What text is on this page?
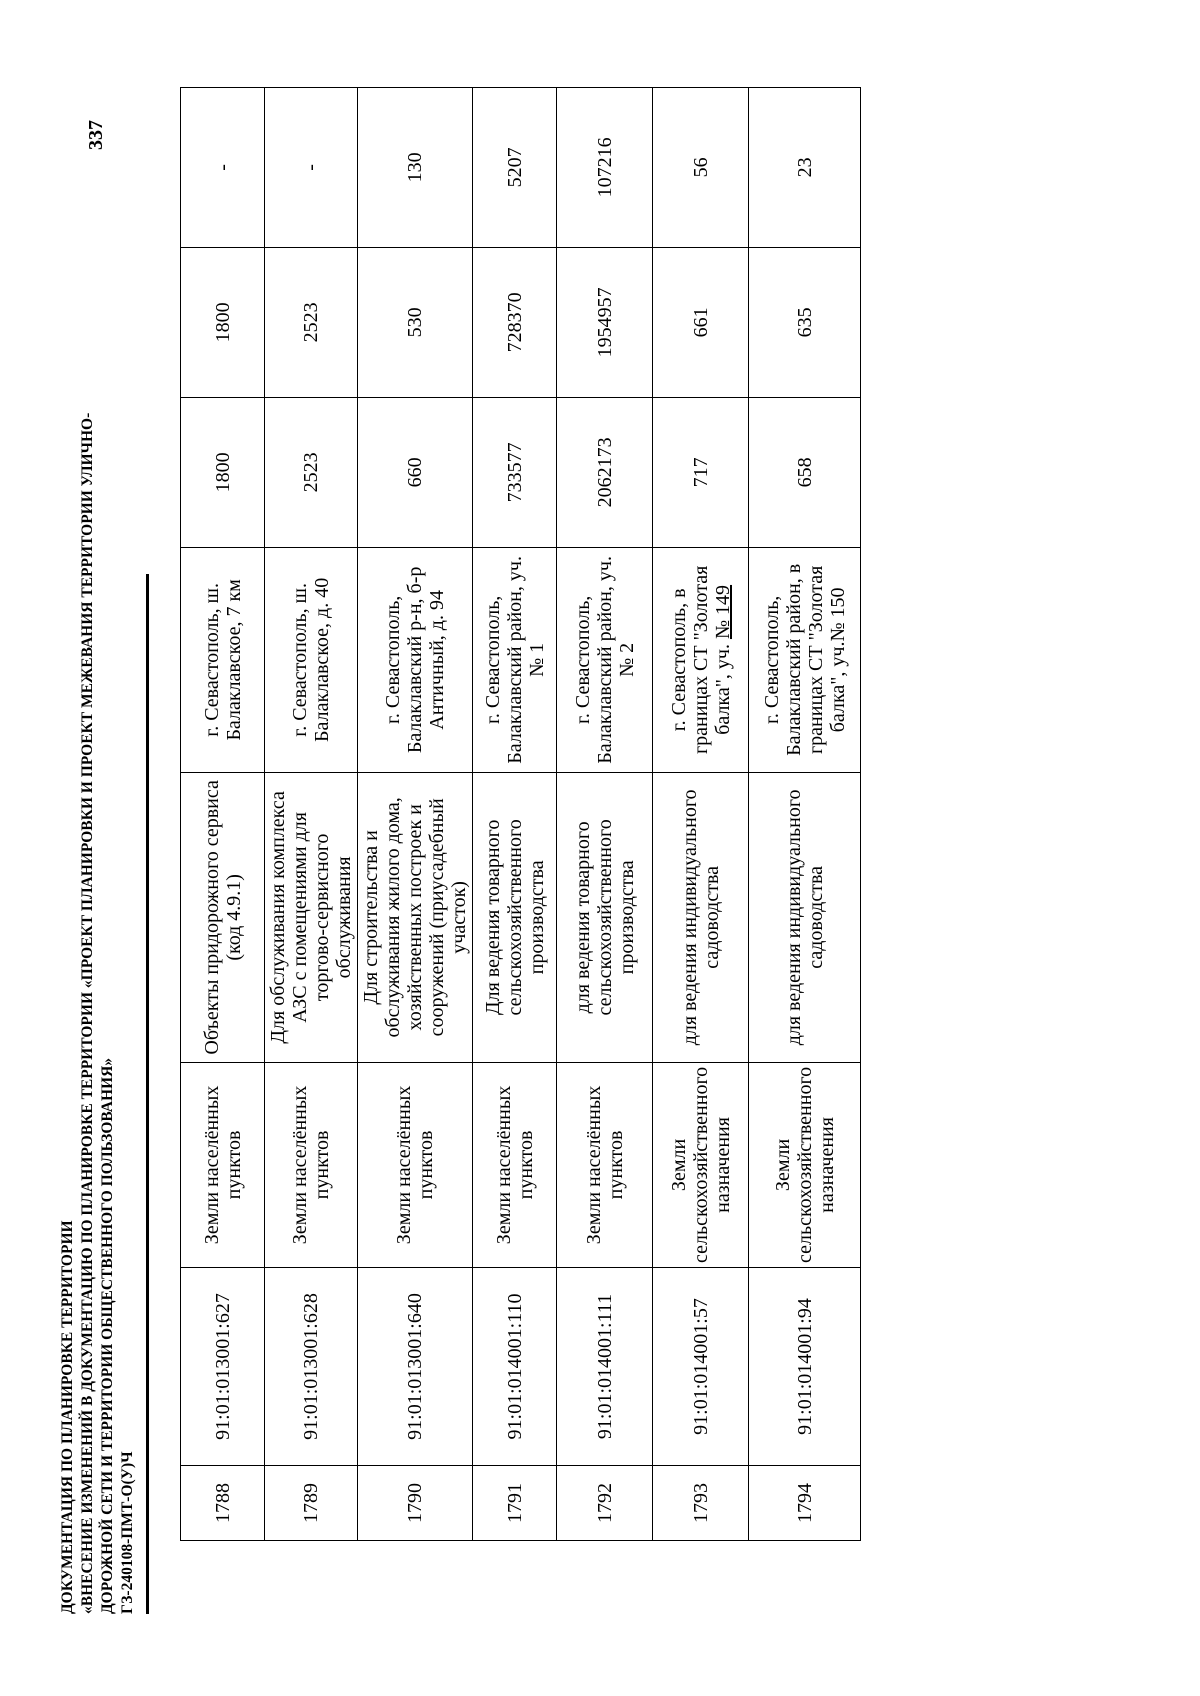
337
ДОКУМЕНТАЦИЯ ПО ПЛАНИРОВКЕ ТЕРРИТОРИИ «ВНЕСЕНИЕ ИЗМЕНЕНИЙ В ДОКУМЕНТАЦИЮ ПО ПЛАНИРОВКЕ ТЕРРИТОРИИ «ПРОЕКТ ПЛАНИРОВКИ И ПРОЕКТ МЕЖЕВАНИЯ ТЕРРИТОРИИ УЛИЧНО- ДОРОЖНОЙ СЕТИ И ТЕРРИТОРИИ ОБЩЕСТВЕННОГО ПОЛЬЗОВАНИЯ» ГЗ-240108-ПМТ-О(У)Ч	1788	91:01:013001:627	Земли населённых пунктов	Объекты придорожного сервиса (код 4.9.1)	г. Севастополь, ш. Балаклавское, 7 км	1800	1800	-
1789	91:01:013001:628	Земли населённых пунктов	Для обслуживания комплекса АЗС с помещениями для торгово-сервисного обслуживания	г. Севастополь, ш. Балаклавское, д. 40	2523	2523	-
1790	91:01:013001:640	Земли населённых пунктов	Для строительства и обслуживания жилого дома, хозяйственных построек и сооружений (приусадебный участок)	г. Севастополь, Балаклавский р-н, б-р Античный, д. 94	660	530	130
1791	91:01:014001:110	Земли населённых пунктов	Для ведения товарного сельскохозяйственного производства	г. Севастополь, Балаклавский район, уч. № 1	733577	728370	5207
1792	91:01:014001:111	Земли населённых пунктов	для ведения товарного сельскохозяйственного производства	г. Севастополь, Балаклавский район, уч. № 2	2062173	1954957	107216
1793	91:01:014001:57	Земли сельскохозяйственного назначения	для ведения индивидуального садоводства	г. Севастополь, в границах СТ "Золотая балка", уч. № 149	717	661	56
1794	91:01:014001:94	Земли сельскохозяйственного назначения	для ведения индивидуального садоводства	г. Севастополь, Балаклавский район, в границах СТ "Золотая балка", уч.№ 150	658	635	23
